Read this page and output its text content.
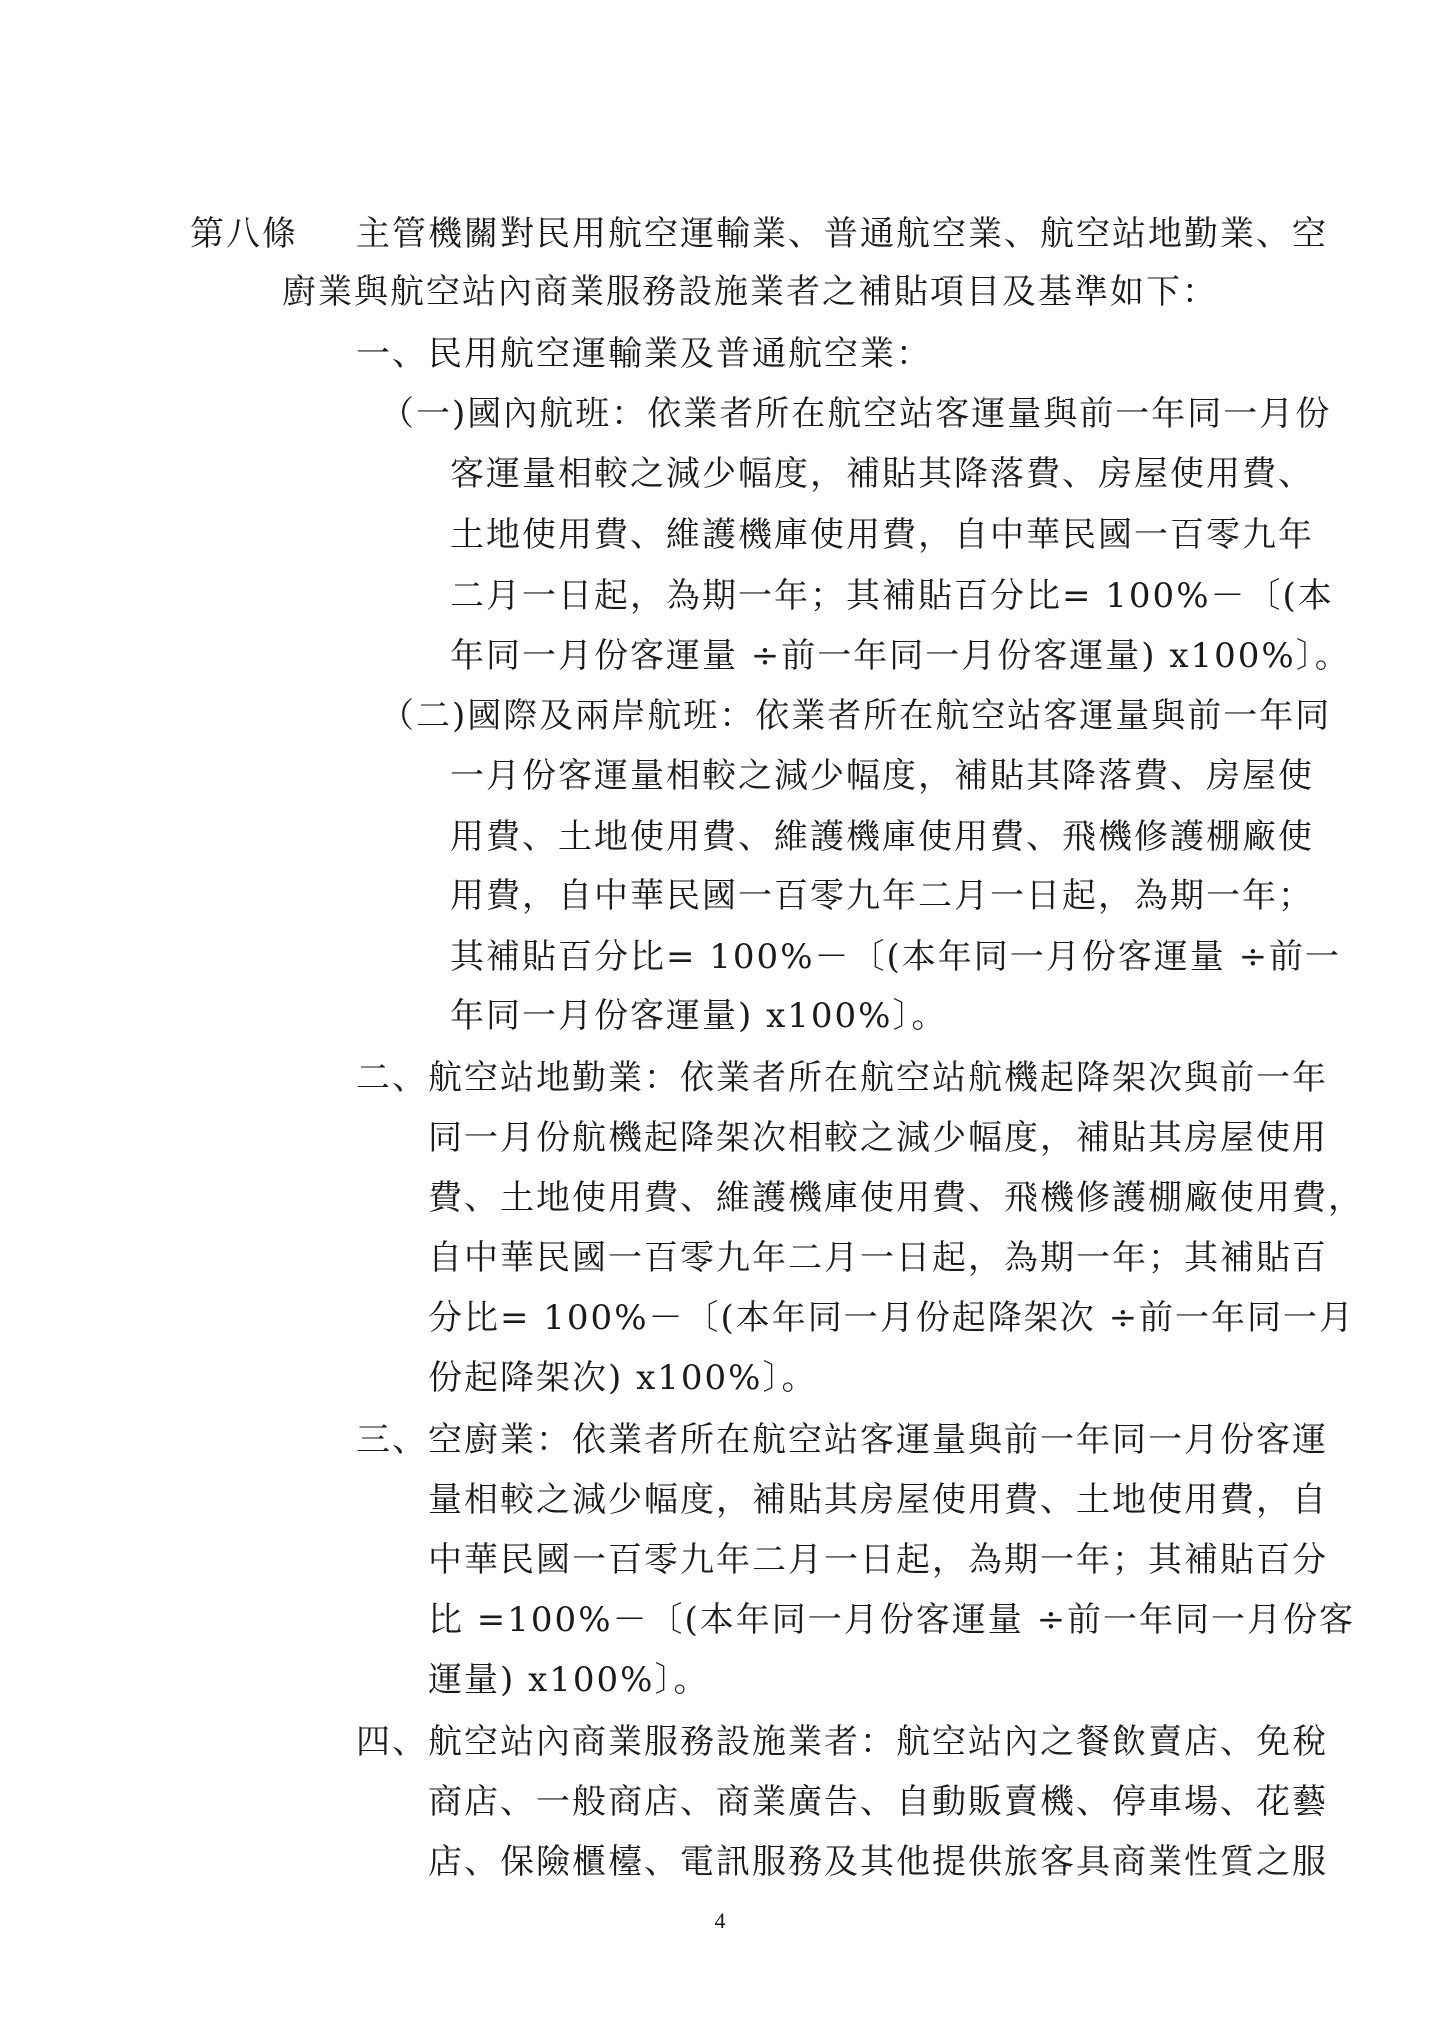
第八條 主管機關對民用航空運輸業、普通航空業、航空站地勤業、空
廚業與航空站內商業服務設施業者之補貼項目及基準如下：
一、民用航空運輸業及普通航空業：
（一)國內航班：依業者所在航空站客運量與前一年同一月份
客運量相較之減少幅度，補貼其降落費、房屋使用費、
土地使用費、維護機庫使用費，自中華民國一百零九年
二月一日起，為期一年；其補貼百分比= 100%－〔(本
年同一月份客運量 ÷前一年同一月份客運量) x100%〕。
（二)國際及兩岸航班：依業者所在航空站客運量與前一年同
一月份客運量相較之減少幅度，補貼其降落費、房屋使
用費、土地使用費、維護機庫使用費、飛機修護棚廠使
用費，自中華民國一百零九年二月一日起，為期一年；
其補貼百分比= 100%－〔(本年同一月份客運量 ÷前一
年同一月份客運量) x100%〕。
二、航空站地勤業：依業者所在航空站航機起降架次與前一年
同一月份航機起降架次相較之減少幅度，補貼其房屋使用
費、土地使用費、維護機庫使用費、飛機修護棚廠使用費，
自中華民國一百零九年二月一日起，為期一年；其補貼百
分比= 100%－〔(本年同一月份起降架次 ÷前一年同一月
份起降架次) x100%〕。
三、空廚業：依業者所在航空站客運量與前一年同一月份客運
量相較之減少幅度，補貼其房屋使用費、土地使用費，自
中華民國一百零九年二月一日起，為期一年；其補貼百分
比 =100%－〔(本年同一月份客運量 ÷前一年同一月份客
運量) x100%〕。
四、航空站內商業服務設施業者：航空站內之餐飲賣店、免稅
商店、一般商店、商業廣告、自動販賣機、停車場、花藝
店、保險櫃檯、電訊服務及其他提供旅客具商業性質之服
4
